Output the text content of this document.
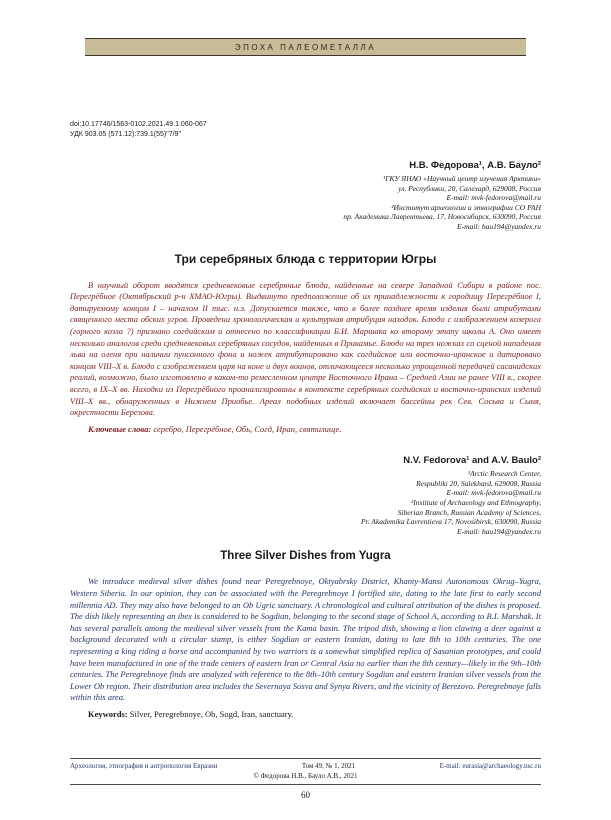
ЭПОХА ПАЛЕОМЕТАЛЛА
doi:10.17746/1563-0102.2021.49.1.060-067
УДК 903.05 (571.12):739.1(55)"7/9"
Н.В. Федорова¹, А.В. Бауло²
¹ГКУ ЯНАО «Научный центр изучения Арктики»
ул. Республики, 20, Салехард, 629008, Россия
E-mail: mvk-fedorova@mail.ru
²Институт археологии и этнографии СО РАН
пр. Академика Лаврентьева, 17, Новосибирск, 630090, Россия
E-mail: bau194@yandex.ru
Три серебряных блюда с территории Югры

В научный оборот вводятся средневековые серебряные блюда, найденные на севере Западной Сибири в районе пос. Перегрёбное (Октябрьский р-н ХМАО-Югры). Выдвинуто предположение об их принадлежности к городищу Перегрёбное I, датируемому концом I – началом II тыс. н.э. Допускается также, что в более позднее время изделия были атрибутами священного места обских угров. Проведена хронологическая и культурная атрибуция находок. Блюдо с изображением козерога (горного козла ?) признано согдийским и отнесено по классификации Б.И. Маршака ко второму этапу школы А. Оно имеет несколько аналогов среди средневековых серебряных сосудов, найденных в Прикамье. Блюдо на трех ножках со сценой нападения льва на оленя при наличии пунсонного фона и ножек атрибутировано как согдийское или восточно-иранское и датировано концом VIII–X в. Блюдо с изображением царя на коне и двух воинов, отличающееся несколько упрощенной передачей сасанидских реалий, возможно, было изготовлено в каком-то ремесленном центре Восточного Ирана – Средней Азии не ранее VIII в., скорее всего, в IX–X вв. Находки из Перегрёбного проанализированы в контексте серебряных согдийских и восточно-иранских изделий VIII–X вв., обнаруженных в Нижнем Приобье. Ареал подобных изделий включает бассейны рек Сев. Сосьва и Сыня, окрестности Березова.

Ключевые слова: серебро, Перегрёбное, Обь, Согд, Иран, святилище.

N.V. Fedorova¹ and A.V. Baulo²
¹Arctic Research Center,
Respubliki 20, Salekhard, 629008, Russia
E-mail: mvk-fedorova@mail.ru
²Institute of Archaeology and Ethnography,
Siberian Branch, Russian Academy of Sciences,
Pr. Akademika Lavrentieva 17, Novosibirsk, 630090, Russia
E-mail: bau194@yandex.ru
Three Silver Dishes from Yugra

We introduce medieval silver dishes found near Peregrebnoye, Oktyabrsky District, Khanty-Mansi Autonomous Okrug–Yugra, Western Siberia. In our opinion, they can be associated with the Peregrebnoye I fortified site, dating to the late first to early second millennia AD. They may also have belonged to an Ob Ugric sanctuary. A chronological and cultural attribution of the dishes is proposed. The dish likely representing an ibex is considered to be Sogdian, belonging to the second stage of School A, according to B.I. Marshak. It has several parallels among the medieval silver vessels from the Kama basin. The tripod dish, showing a lion clawing a deer against a background decorated with a circular stamp, is either Sogdian or eastern Iranian, dating to late 8th to 10th centuries. The one representing a king riding a horse and accompanied by two warriors is a somewhat simplified replica of Sasanian prototypes, and could have been manufactured in one of the trade centers of eastern Iran or Central Asia no earlier than the 8th century—likely in the 9th–10th centuries. The Peregrebnoye finds are analyzed with reference to the 8th–10th century Sogdian and eastern Iranian silver vessels from the Lower Ob region. Their distribution area includes the Severnaya Sosva and Synya Rivers, and the vicinity of Berezovo. Peregrebnoye falls within this area.

Keywords: Silver, Peregrebnoye, Ob, Sogd, Iran, sanctuary.

Археология, этнография и антропология Евразии	Том 49, № 1, 2021	E-mail: eurasia@archaeology.nsc.ru
© Федорова Н.В., Бауло А.В., 2021
60
